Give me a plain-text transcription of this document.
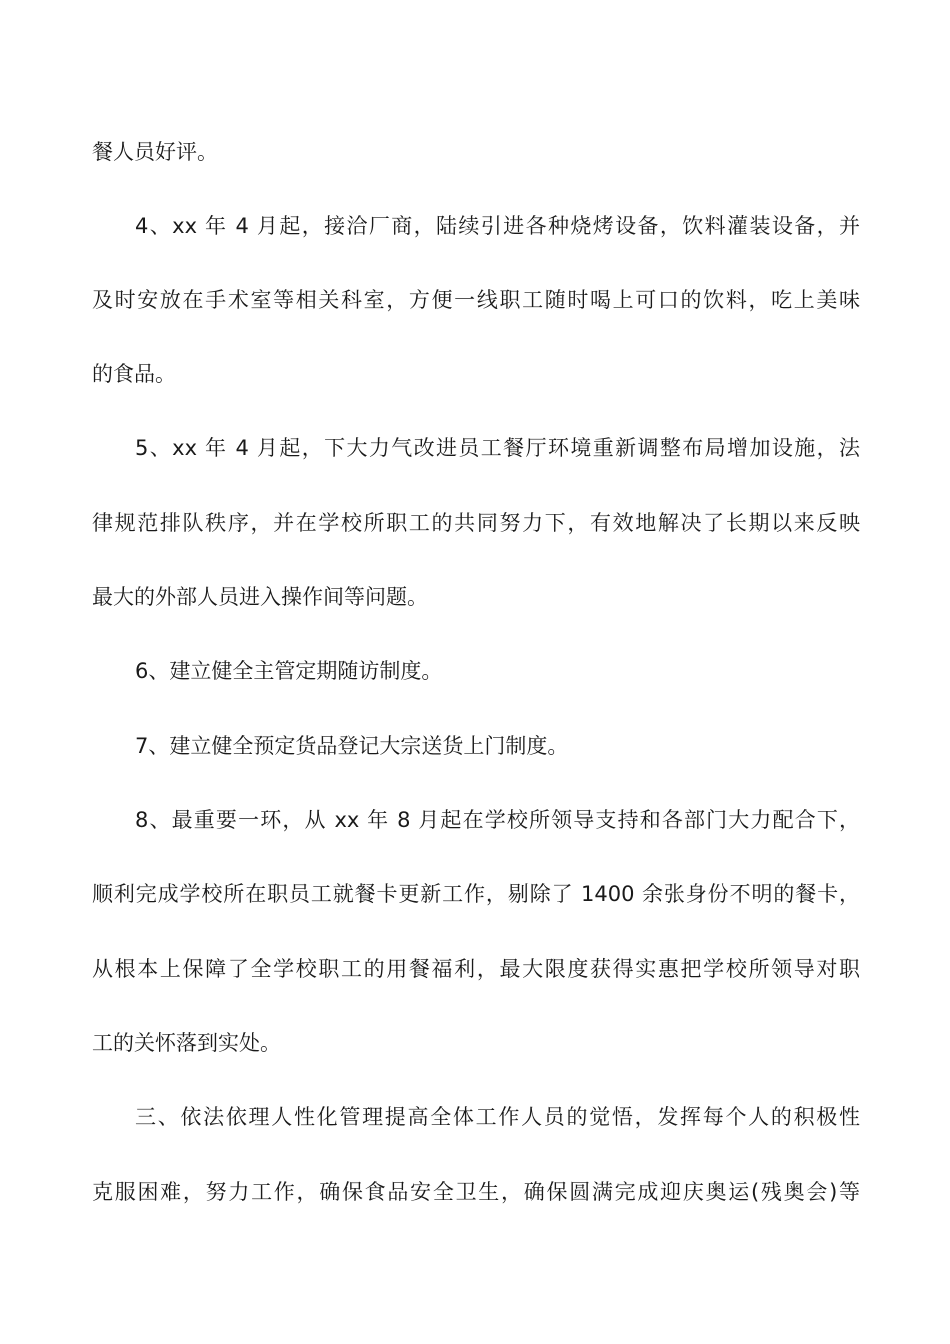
餐人员好评。
4、xx 年 4 月起，接洽厂商，陆续引进各种烧烤设备，饮料灌装设备，并
及时安放在手术室等相关科室，方便一线职工随时喝上可口的饮料，吃上美味
的食品。
5、xx 年 4 月起，下大力气改进员工餐厅环境重新调整布局增加设施，法
律规范排队秩序，并在学校所职工的共同努力下，有效地解决了长期以来反映
最大的外部人员进入操作间等问题。
6、建立健全主管定期随访制度。
7、建立健全预定货品登记大宗送货上门制度。
8、最重要一环，从 xx 年 8 月起在学校所领导支持和各部门大力配合下，
顺利完成学校所在职员工就餐卡更新工作，剔除了 1400 余张身份不明的餐卡，
从根本上保障了全学校职工的用餐福利，最大限度获得实惠把学校所领导对职
工的关怀落到实处。
三、依法依理人性化管理提高全体工作人员的觉悟，发挥每个人的积极性
克服困难，努力工作，确保食品安全卫生，确保圆满完成迎庆奥运(残奥会)等
